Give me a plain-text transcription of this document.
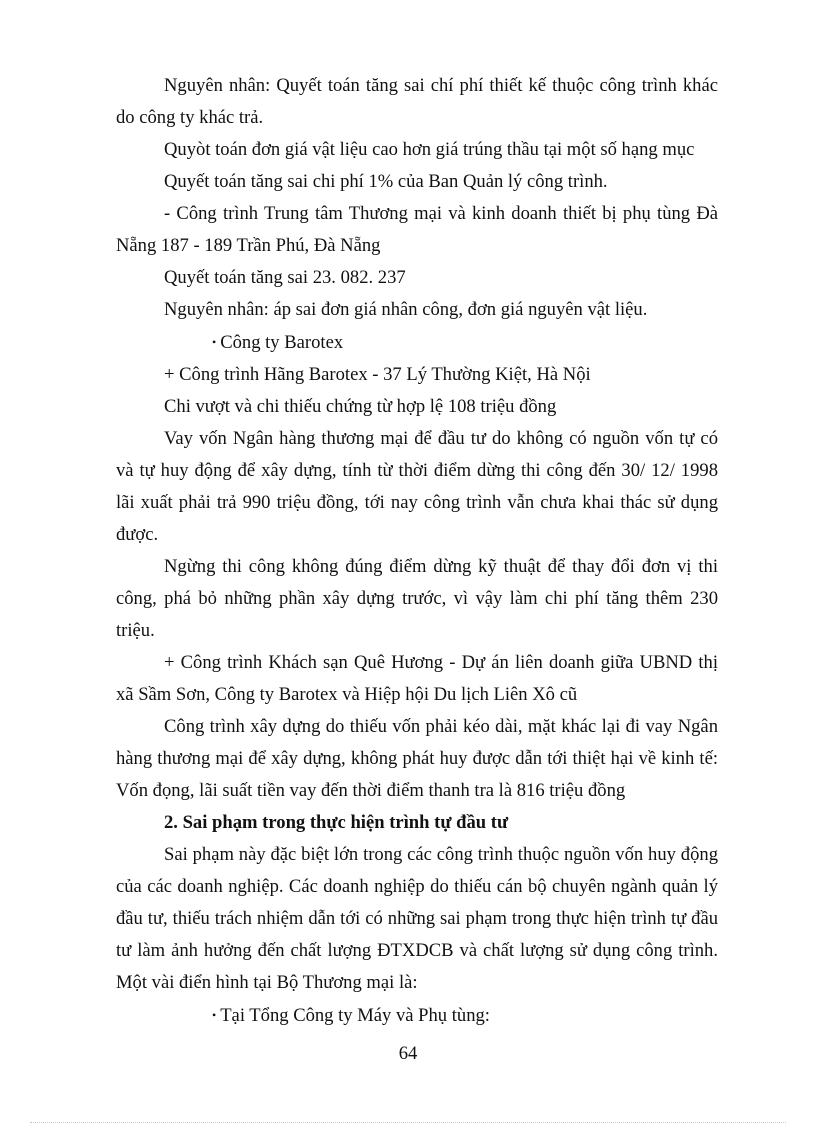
Nguyên nhân: Quyết toán tăng sai chí phí thiết kế thuộc công trình khác do công ty khác trả.

Quyòt toán đơn giá vật liệu cao hơn giá trúng thầu tại một số hạng mục

Quyết toán tăng sai chi phí 1% của Ban Quản lý công trình.

- Công trình Trung tâm Thương mại và kinh doanh thiết bị phụ tùng Đà Nẵng 187 - 189 Trần Phú, Đà Nẵng

Quyết toán tăng sai 23. 082. 237

Nguyên nhân: áp sai đơn giá nhân công, đơn giá nguyên vật liệu.

• Công ty Barotex

+ Công trình Hãng Barotex - 37 Lý Thường Kiệt, Hà Nội

Chi vượt và chi thiếu chứng từ hợp lệ 108 triệu đồng

Vay vốn Ngân hàng thương mại để đầu tư do không có nguồn vốn tự có và tự huy động để xây dựng, tính từ thời điểm dừng thi công đến 30/ 12/ 1998 lãi xuất phải trả 990 triệu đồng, tới nay công trình vẫn chưa khai thác sử dụng được.

Ngừng thi công không đúng điểm dừng kỹ thuật để thay đổi đơn vị thi công, phá bỏ những phần xây dựng trước, vì vậy làm chi phí tăng thêm 230 triệu.

+ Công trình Khách sạn Quê Hương - Dự án liên doanh giữa UBND thị xã Sầm Sơn, Công ty Barotex và Hiệp hội Du lịch Liên Xô cũ

Công trình xây dựng do thiếu vốn phải kéo dài, mặt khác lại đi vay Ngân hàng thương mại để xây dựng, không phát huy được dẫn tới thiệt hại về kinh tế: Vốn đọng, lãi suất tiền vay đến thời điểm thanh tra là 816 triệu đồng

2. Sai phạm trong thực hiện trình tự đầu tư

Sai phạm này đặc biệt lớn trong các công trình thuộc nguồn vốn huy động của các doanh nghiệp. Các doanh nghiệp do thiếu cán bộ chuyên ngành quản lý đầu tư, thiếu trách nhiệm dẫn tới có những sai phạm trong thực hiện trình tự đầu tư làm ảnh hưởng đến chất lượng ĐTXDCB và chất lượng sử dụng công trình. Một vài điển hình tại Bộ Thương mại là:

• Tại Tổng Công ty Máy và Phụ tùng:

64
